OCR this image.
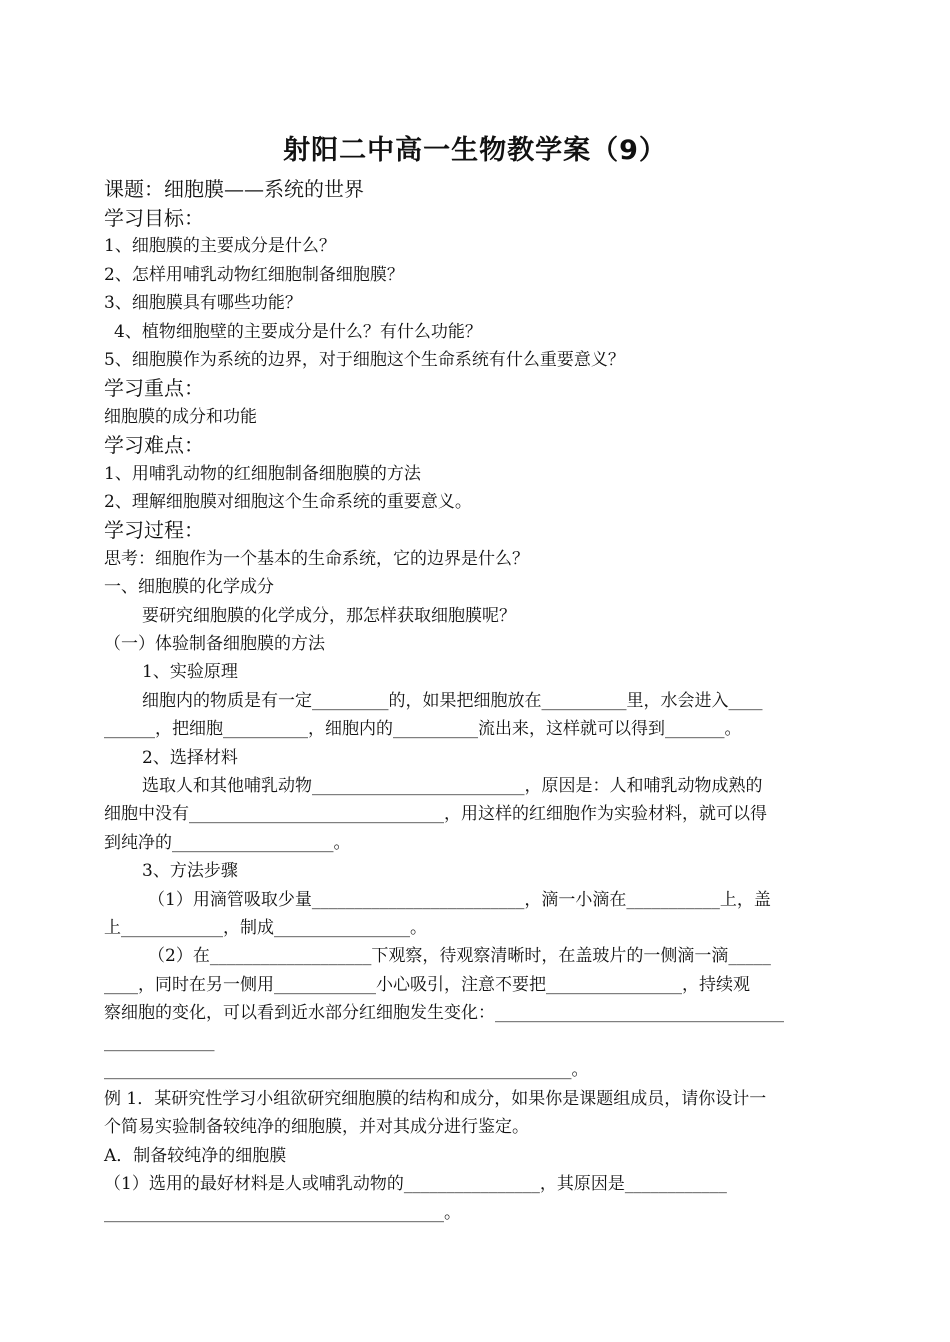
射阳二中高一生物教学案（9）
课题：细胞膜——系统的世界
学习目标：
1、细胞膜的主要成分是什么？
2、怎样用哺乳动物红细胞制备细胞膜？
3、细胞膜具有哪些功能？
4、植物细胞壁的主要成分是什么？有什么功能？
5、细胞膜作为系统的边界，对于细胞这个生命系统有什么重要意义？
学习重点：
细胞膜的成分和功能
学习难点：
1、用哺乳动物的红细胞制备细胞膜的方法
2、理解细胞膜对细胞这个生命系统的重要意义。
学习过程：
思考：细胞作为一个基本的生命系统，它的边界是什么？
一、细胞膜的化学成分
要研究细胞膜的化学成分，那怎样获取细胞膜呢？
（一）体验制备细胞膜的方法
1、实验原理
细胞内的物质是有一定_________的，如果把细胞放在__________里，水会进入____
______，把细胞__________，细胞内的__________流出来，这样就可以得到_______。
2、选择材料
选取人和其他哺乳动物_________________________，原因是：人和哺乳动物成熟的
细胞中没有______________________________，用这样的红细胞作为实验材料，就可以得
到纯净的___________________。
3、方法步骤
（1）用滴管吸取少量_________________________，滴一小滴在___________上，盖
上____________，制成________________。
（2）在___________________下观察，待观察清晰时，在盖玻片的一侧滴一滴_____
____，同时在另一侧用____________小心吸引，注意不要把________________，持续观
察细胞的变化，可以看到近水部分红细胞发生变化：__________________________________
_____________
_______________________________________________________。
例 1．某研究性学习小组欲研究细胞膜的结构和成分，如果你是课题组成员，请你设计一
个简易实验制备较纯净的细胞膜，并对其成分进行鉴定。
A．制备较纯净的细胞膜
（1）选用的最好材料是人或哺乳动物的________________，其原因是____________
________________________________________。
